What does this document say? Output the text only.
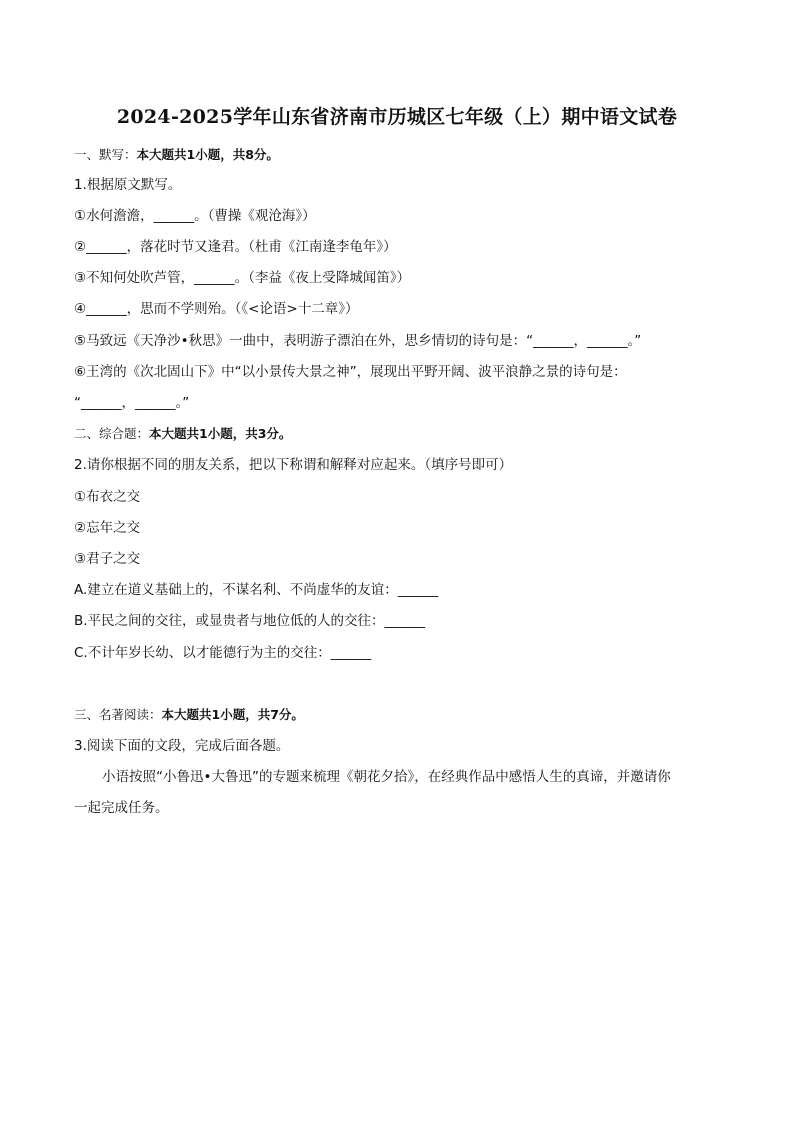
2024-2025学年山东省济南市历城区七年级（上）期中语文试卷
一、默写：本大题共1小题，共8分。
1.根据原文默写。
①水何澹澹，______。（曹操《观沧海》）
②______，落花时节又逢君。（杜甫《江南逢李龟年》）
③不知何处吹芦管，______。（李益《夜上受降城闻笛》）
④______，思而不学则殆。（《<论语>十二章》）
⑤马致远《天净沙•秋思》一曲中，表明游子漂泊在外，思乡情切的诗句是：“______，______。”
⑥王湾的《次北固山下》中“以小景传大景之神”，展现出平野开阔、波平浪静之景的诗句是：
“______，______。”
二、综合题：本大题共1小题，共3分。
2.请你根据不同的朋友关系，把以下称谓和解释对应起来。（填序号即可）
①布衣之交
②忘年之交
③君子之交
A.建立在道义基础上的，不谋名利、不尚虚华的友谊：______
B.平民之间的交往，或显贵者与地位低的人的交往：______
C.不计年岁长幼、以才能德行为主的交往：______
三、名著阅读：本大题共1小题，共7分。
3.阅读下面的文段，完成后面各题。
小语按照“小鲁迅•大鲁迅”的专题来梳理《朝花夕拾》，在经典作品中感悟人生的真谛，并邀请你
一起完成任务。
